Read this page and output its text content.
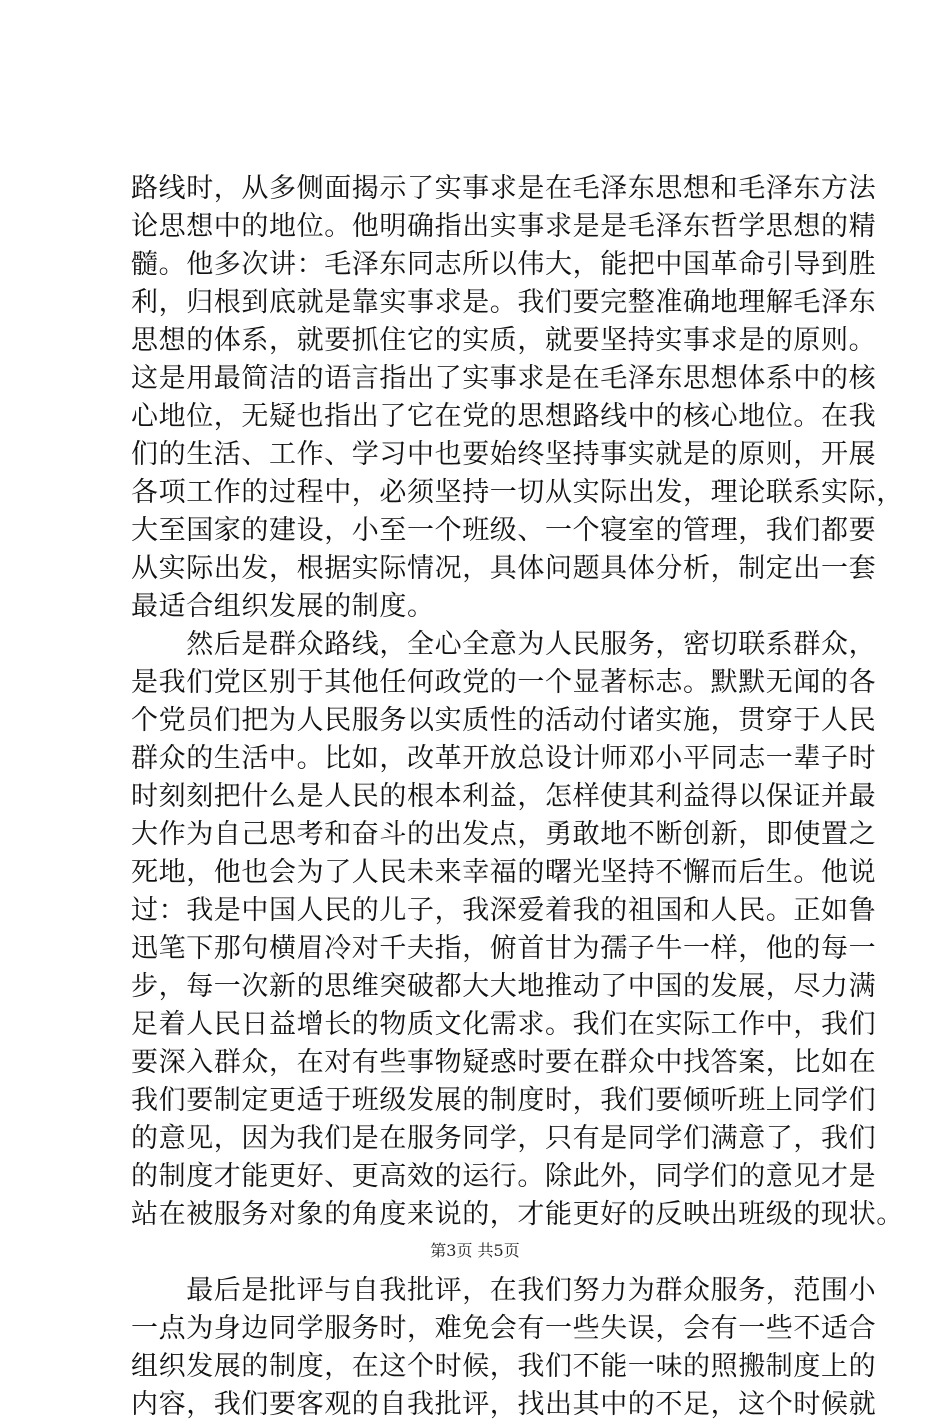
路线时，从多侧面揭示了实事求是在毛泽东思想和毛泽东方法
论思想中的地位。他明确指出实事求是是毛泽东哲学思想的精
髓。他多次讲：毛泽东同志所以伟大，能把中国革命引导到胜
利，归根到底就是靠实事求是。我们要完整准确地理解毛泽东
思想的体系，就要抓住它的实质，就要坚持实事求是的原则。
这是用最简洁的语言指出了实事求是在毛泽东思想体系中的核
心地位，无疑也指出了它在党的思想路线中的核心地位。在我
们的生活、工作、学习中也要始终坚持事实就是的原则，开展
各项工作的过程中，必须坚持一切从实际出发，理论联系实际，
大至国家的建设，小至一个班级、一个寝室的管理，我们都要
从实际出发，根据实际情况，具体问题具体分析，制定出一套
最适合组织发展的制度。
　　然后是群众路线，全心全意为人民服务，密切联系群众，
是我们党区别于其他任何政党的一个显著标志。默默无闻的各
个党员们把为人民服务以实质性的活动付诸实施，贯穿于人民
群众的生活中。比如，改革开放总设计师邓小平同志一辈子时
时刻刻把什么是人民的根本利益，怎样使其利益得以保证并最
大作为自己思考和奋斗的出发点，勇敢地不断创新，即使置之
死地，他也会为了人民未来幸福的曙光坚持不懈而后生。他说
过：我是中国人民的儿子，我深爱着我的祖国和人民。正如鲁
迅笔下那句横眉冷对千夫指，俯首甘为孺子牛一样，他的每一
步，每一次新的思维突破都大大地推动了中国的发展，尽力满
足着人民日益增长的物质文化需求。我们在实际工作中，我们
要深入群众，在对有些事物疑惑时要在群众中找答案，比如在
我们要制定更适于班级发展的制度时，我们要倾听班上同学们
的意见，因为我们是在服务同学，只有是同学们满意了，我们
的制度才能更好、更高效的运行。除此外，同学们的意见才是
站在被服务对象的角度来说的，才能更好的反映出班级的现状。
　　最后是批评与自我批评，在我们努力为群众服务，范围小
一点为身边同学服务时，难免会有一些失误，会有一些不适合
组织发展的制度，在这个时候，我们不能一味的照搬制度上的
内容，我们要客观的自我批评，找出其中的不足，这个时候就
第3页 共5页
